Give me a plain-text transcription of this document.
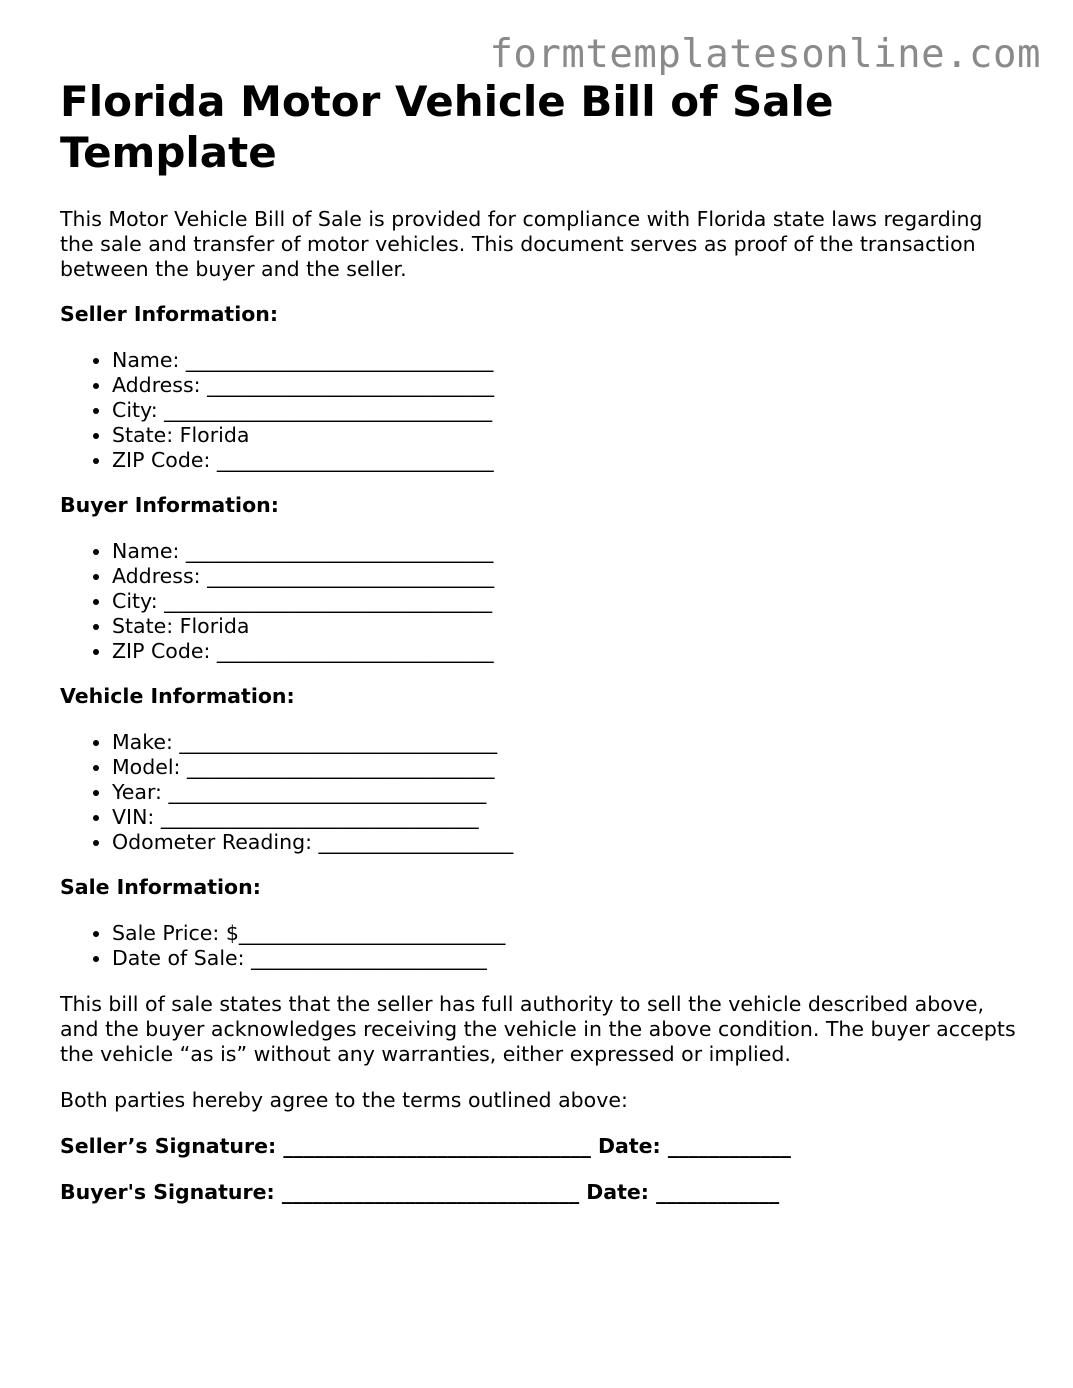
formtemplatesonline.com
Florida Motor Vehicle Bill of Sale Template

This Motor Vehicle Bill of Sale is provided for compliance with Florida state laws regarding the sale and transfer of motor vehicles. This document serves as proof of the transaction between the buyer and the seller.

Seller Information:
• Name: ______________________________
• Address: ____________________________
• City: ________________________________
• State: Florida
• ZIP Code: ___________________________
Buyer Information:
• Name: ______________________________
• Address: ____________________________
• City: ________________________________
• State: Florida
• ZIP Code: ___________________________
Vehicle Information:
• Make: _______________________________
• Model: ______________________________
• Year: _______________________________
• VIN: _______________________________
• Odometer Reading: ___________________
Sale Information:
• Sale Price: $__________________________
• Date of Sale: _______________________

This bill of sale states that the seller has full authority to sell the vehicle described above, and the buyer acknowledges receiving the vehicle in the above condition. The buyer accepts the vehicle “as is” without any warranties, either expressed or implied.

Both parties hereby agree to the terms outlined above:

Seller’s Signature: ______________________________ Date: ____________
Buyer's Signature: _____________________________ Date: ____________
